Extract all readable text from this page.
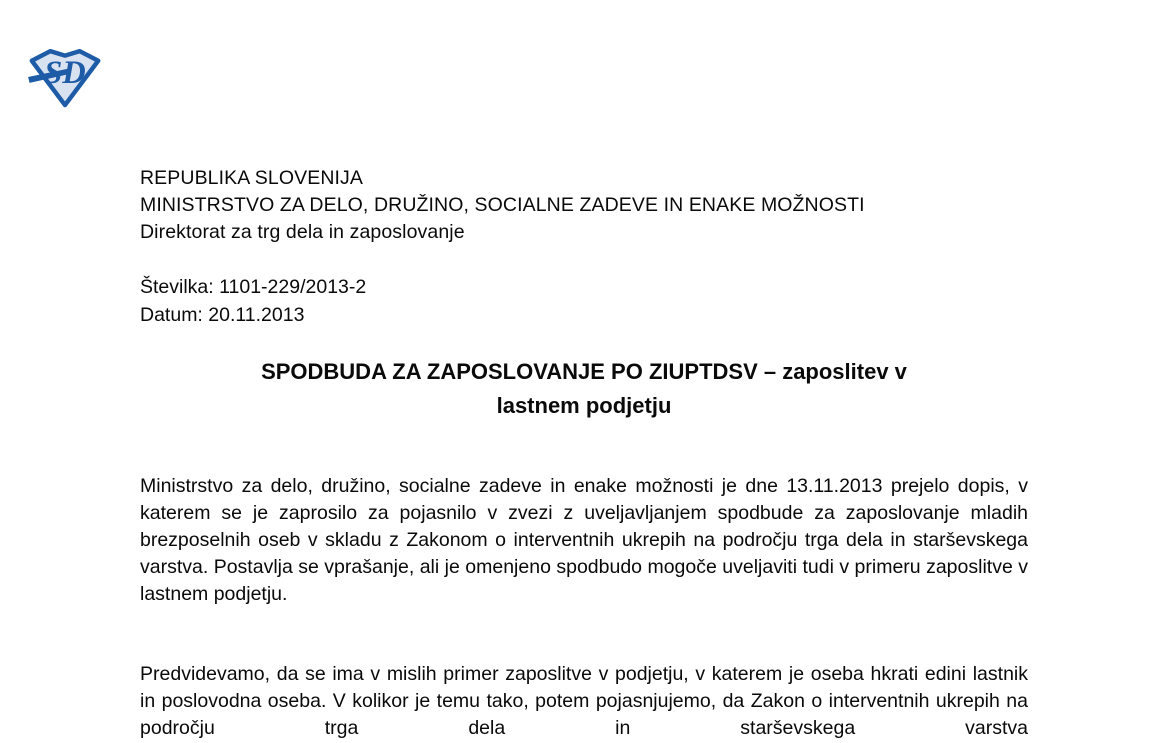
SD
REPUBLIKA SLOVENIJA
MINISTRSTVO ZA DELO, DRUŽINO, SOCIALNE ZADEVE IN ENAKE MOŽNOSTI
Direktorat za trg dela in zaposlovanje
Številka: 1101-229/2013-2
Datum: 20.11.2013
SPODBUDA ZA ZAPOSLOVANJE PO ZIUPTDSV – zaposlitev v
lastnem podjetju
Ministrstvo za delo, družino, socialne zadeve in enake možnosti je dne 13.11.2013 prejelo dopis, v katerem se je zaprosilo za pojasnilo v zvezi z uveljavljanjem spodbude za zaposlovanje mladih brezposelnih oseb v skladu z Zakonom o interventnih ukrepih na področju trga dela in starševskega varstva. Postavlja se vprašanje, ali je omenjeno spodbudo mogoče uveljaviti tudi v primeru zaposlitve v lastnem podjetju.
Predvidevamo, da se ima v mislih primer zaposlitve v podjetju, v katerem je oseba hkrati edini lastnik in poslovodna oseba. V kolikor je temu tako, potem pojasnjujemo, da Zakon o interventnih ukrepih na področju trga dela in starševskega varstva
